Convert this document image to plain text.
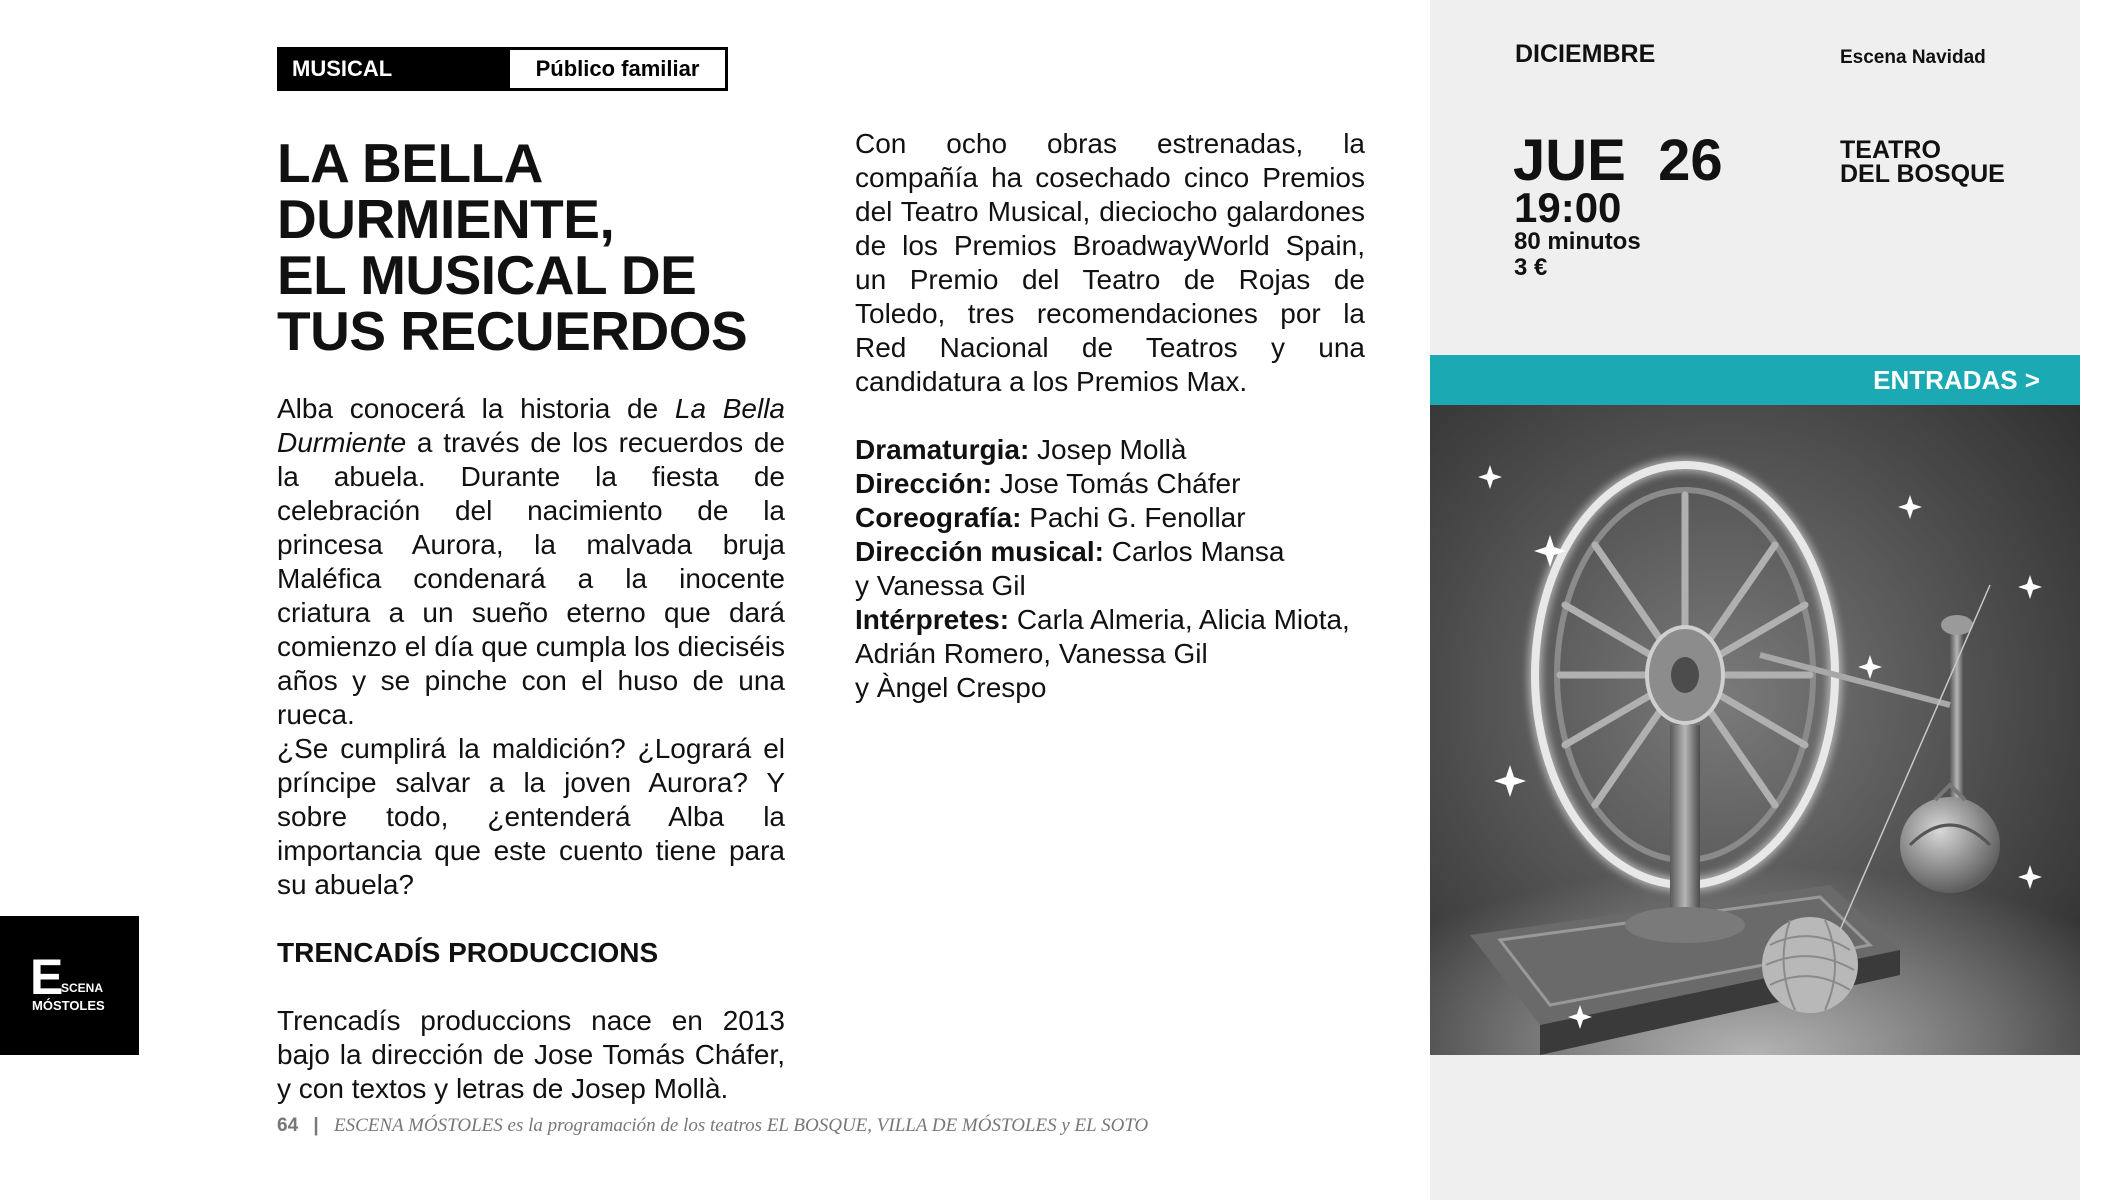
MUSICAL	Público familiar
LA BELLA
DURMIENTE,
EL MUSICAL DE
TUS RECUERDOS

Alba conocerá la historia de La Bella Durmiente a través de los recuerdos de la abuela. Durante la fiesta de celebración del nacimiento de la princesa Aurora, la malvada bruja Maléfica condenará a la inocente criatura a un sueño eterno que dará comienzo el día que cumpla los dieciséis años y se pinche con el huso de una rueca.

¿Se cumplirá la maldición? ¿Logrará el príncipe salvar a la joven Aurora? Y sobre todo, ¿entenderá Alba la importancia que este cuento tiene para su abuela?

TRENCADÍS PRODUCCIONS

Trencadís produccions nace en 2013 bajo la dirección de Jose Tomás Cháfer, y con textos y letras de Josep Mollà.

Con ocho obras estrenadas, la compañía ha cosechado cinco Premios del Teatro Musical, dieciocho galardones de los Premios BroadwayWorld Spain, un Premio del Teatro de Rojas de Toledo, tres recomendaciones por la Red Nacional de Teatros y una candidatura a los Premios Max.

Dramaturgia: Josep Mollà

Dirección: Jose Tomás Cháfer

Coreografía: Pachi G. Fenollar

Dirección musical: Carlos Mansa
y Vanessa Gil

Intérpretes: Carla Almeria, Alicia Miota, Adrián Romero, Vanessa Gil
y Àngel Crespo

DICIEMBRE	Escena Navidad
JUE 26
19:00
80 minutos
3 €
TEATRO
DEL BOSQUE
ENTRADAS >
E
SCENA
MÓSTOLES
64 | ESCENA MÓSTOLES es la programación de los teatros EL BOSQUE, VILLA DE MÓSTOLES y EL SOTO
